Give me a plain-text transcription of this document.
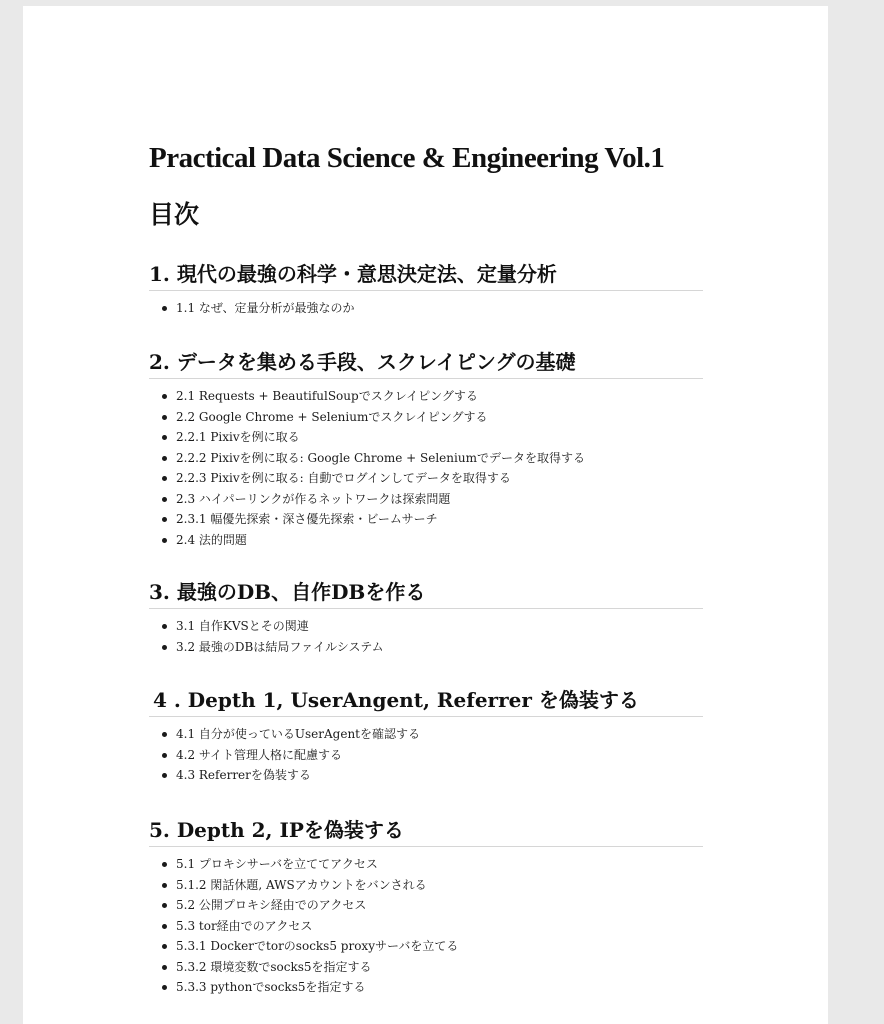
Practical Data Science & Engineering Vol.1
目次
1. 現代の最強の科学・意思決定法、定量分析
1.1 なぜ、定量分析が最強なのか
2. データを集める手段、スクレイピングの基礎
2.1 Requests + BeautifulSoupでスクレイピングする
2.2 Google Chrome + Seleniumでスクレイピングする
2.2.1 Pixivを例に取る
2.2.2 Pixivを例に取る: Google Chrome + Seleniumでデータを取得する
2.2.3 Pixivを例に取る: 自動でログインしてデータを取得する
2.3 ハイパーリンクが作るネットワークは探索問題
2.3.1 幅優先探索・深さ優先探索・ビームサーチ
2.4 法的問題
3. 最強のDB、自作DBを作る
3.1 自作KVSとその関連
3.2 最強のDBは結局ファイルシステム
4 . Depth 1, UserAngent, Referrer を偽装する
4.1 自分が使っているUserAgentを確認する
4.2 サイト管理人格に配慮する
4.3 Referrerを偽装する
5. Depth 2, IPを偽装する
5.1 プロキシサーバを立ててアクセス
5.1.2 閑話休題, AWSアカウントをバンされる
5.2 公開プロキシ経由でのアクセス
5.3 tor経由でのアクセス
5.3.1 Dockerでtorのsocks5 proxyサーバを立てる
5.3.2 環境変数でsocks5を指定する
5.3.3 pythonでsocks5を指定する
